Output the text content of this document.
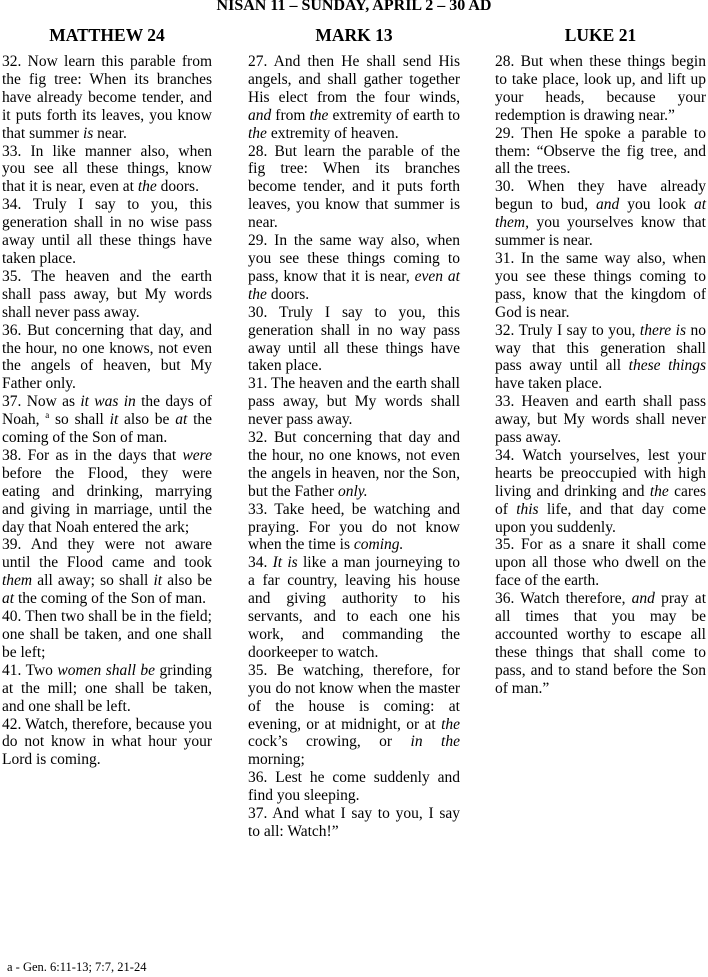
NISAN 11 – SUNDAY, APRIL 2 – 30 AD
MATTHEW 24	MARK 13	LUKE 21

32. Now learn this parable from the fig tree: When its branches have already become tender, and it puts forth its leaves, you know that summer is near.

33. In like manner also, when you see all these things, know that it is near, even at the doors.

34. Truly I say to you, this generation shall in no wise pass away until all these things have taken place.

35. The heaven and the earth shall pass away, but My words shall never pass away.

36. But concerning that day, and the hour, no one knows, not even the angels of heaven, but My Father only.

37. Now as it was in the days of Noah, $^a$ so shall it also be at the coming of the Son of man.

38. For as in the days that were before the Flood, they were eating and drinking, marrying and giving in marriage, until the day that Noah entered the ark;

39. And they were not aware until the Flood came and took them all away; so shall it also be at the coming of the Son of man.

40. Then two shall be in the field; one shall be taken, and one shall be left;

41. Two women shall be grinding at the mill; one shall be taken, and one shall be left.

42. Watch, therefore, because you do not know in what hour your Lord is coming.

27. And then He shall send His angels, and shall gather together His elect from the four winds, and from the extremity of earth to the extremity of heaven.

28. But learn the parable of the fig tree: When its branches become tender, and it puts forth leaves, you know that summer is near.

29. In the same way also, when you see these things coming to pass, know that it is near, even at the doors.

30. Truly I say to you, this generation shall in no way pass away until all these things have taken place.

31. The heaven and the earth shall pass away, but My words shall never pass away.

32. But concerning that day and the hour, no one knows, not even the angels in heaven, nor the Son, but the Father only.

33. Take heed, be watching and praying. For you do not know when the time is coming.

34. It is like a man journeying to a far country, leaving his house and giving authority to his servants, and to each one his work, and commanding the doorkeeper to watch.

35. Be watching, therefore, for you do not know when the master of the house is coming: at evening, or at midnight, or at the cock’s crowing, or in the morning;

36. Lest he come suddenly and find you sleeping.

37. And what I say to you, I say to all: Watch!”

28. But when these things begin to take place, look up, and lift up your heads, because your redemption is drawing near.”

29. Then He spoke a parable to them: “Observe the fig tree, and all the trees.

30. When they have already begun to bud, and you look at them, you yourselves know that summer is near.

31. In the same way also, when you see these things coming to pass, know that the kingdom of God is near.

32. Truly I say to you, there is no way that this generation shall pass away until all these things have taken place.

33. Heaven and earth shall pass away, but My words shall never pass away.

34. Watch yourselves, lest your hearts be preoccupied with high living and drinking and the cares of this life, and that day come upon you suddenly.

35. For as a snare it shall come upon all those who dwell on the face of the earth.

36. Watch therefore, and pray at all times that you may be accounted worthy to escape all these things that shall come to pass, and to stand before the Son of man.”

a - Gen. 6:11-13; 7:7, 21-24
